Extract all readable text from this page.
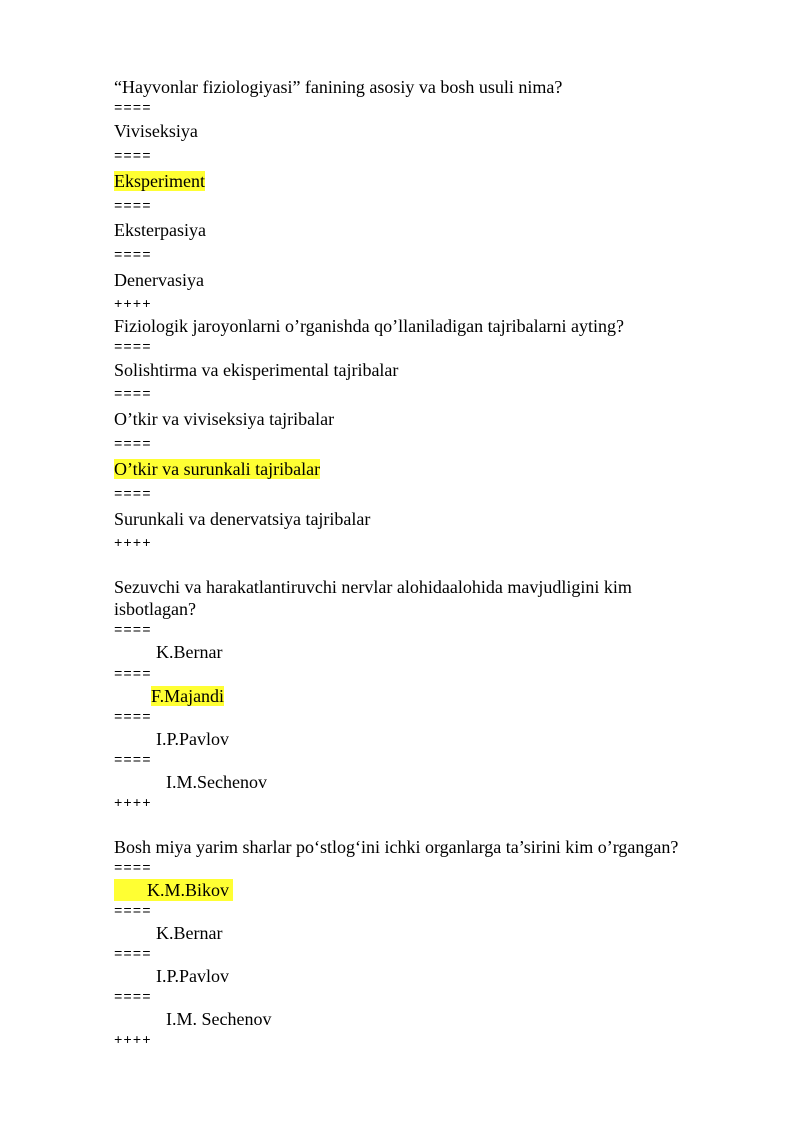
“Hayvonlar fiziologiyasi” fanining asosiy va bosh usuli nima?
====
Viviseksiya
====
Eksperiment
====
Eksterpasiya
====
Denervasiya
++++
Fiziologik jaroyonlarni o’rganishda qo’llaniladigan tajribalarni ayting?
====
Solishtirma va ekisperimental tajribalar
====
O’tkir va viviseksiya tajribalar
====
O’tkir va surunkali tajribalar
====
Surunkali va denervatsiya tajribalar
++++
Sezuvchi va harakatlantiruvchi nervlar alohidaalohida mavjudligini kim
isbotlagan?
====
K.Bernar
====
F.Majandi
====
I.P.Pavlov
====
I.M.Sechenov
++++
Bosh miya yarim sharlar po‘stlog‘ini ichki organlarga ta’sirini kim o’rgangan?
====
K.M.Bikov
====
K.Bernar
====
I.P.Pavlov
====
I.M. Sechenov
++++
